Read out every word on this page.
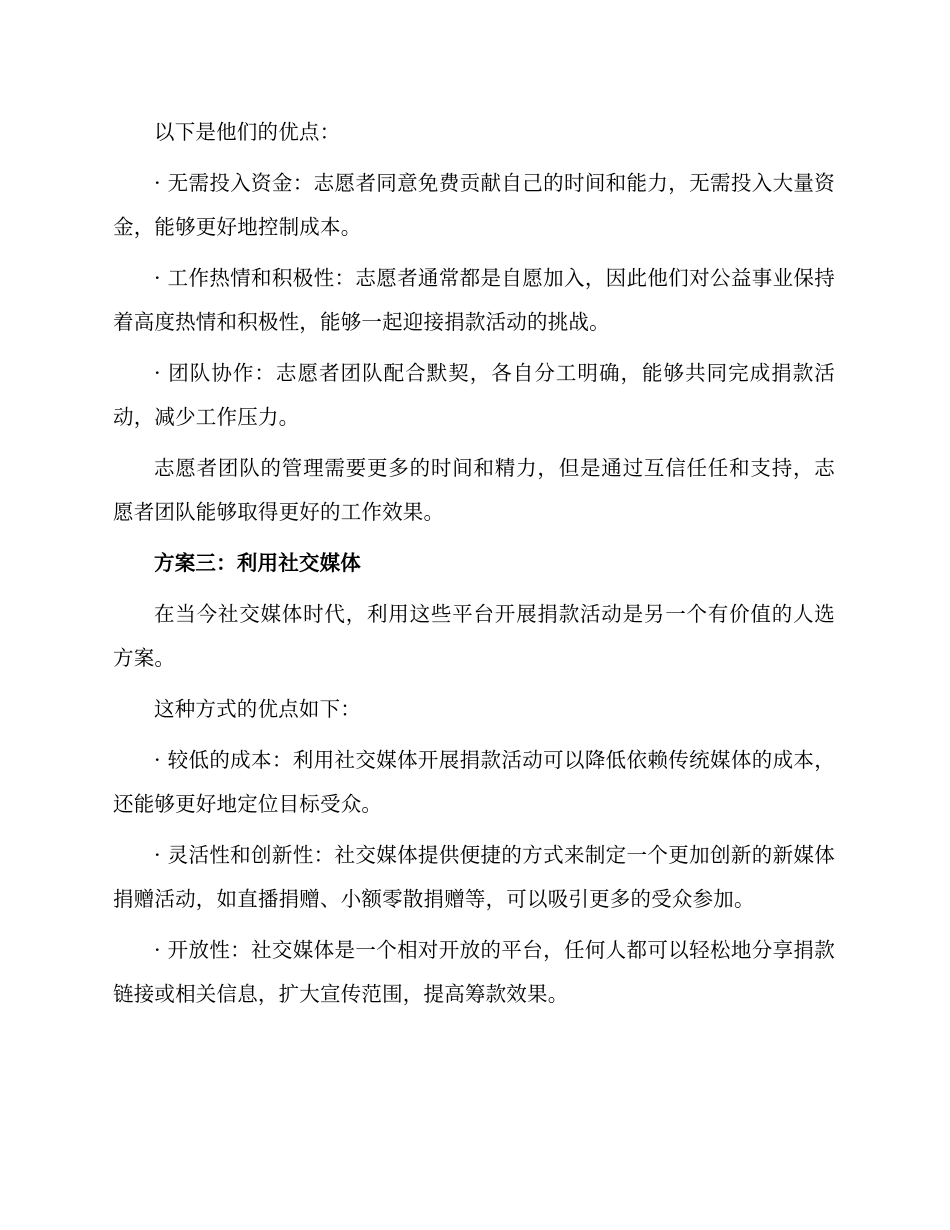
以下是他们的优点：

· 无需投入资金：志愿者同意免费贡献自己的时间和能力，无需投入大量资金，能够更好地控制成本。

· 工作热情和积极性：志愿者通常都是自愿加入，因此他们对公益事业保持着高度热情和积极性，能够一起迎接捐款活动的挑战。

· 团队协作：志愿者团队配合默契，各自分工明确，能够共同完成捐款活动，减少工作压力。

志愿者团队的管理需要更多的时间和精力，但是通过互信任任和支持，志愿者团队能够取得更好的工作效果。

方案三：利用社交媒体

在当今社交媒体时代，利用这些平台开展捐款活动是另一个有价值的人选方案。

这种方式的优点如下：

· 较低的成本：利用社交媒体开展捐款活动可以降低依赖传统媒体的成本，还能够更好地定位目标受众。

· 灵活性和创新性：社交媒体提供便捷的方式来制定一个更加创新的新媒体捐赠活动，如直播捐赠、小额零散捐赠等，可以吸引更多的受众参加。

· 开放性：社交媒体是一个相对开放的平台，任何人都可以轻松地分享捐款链接或相关信息，扩大宣传范围，提高筹款效果。
